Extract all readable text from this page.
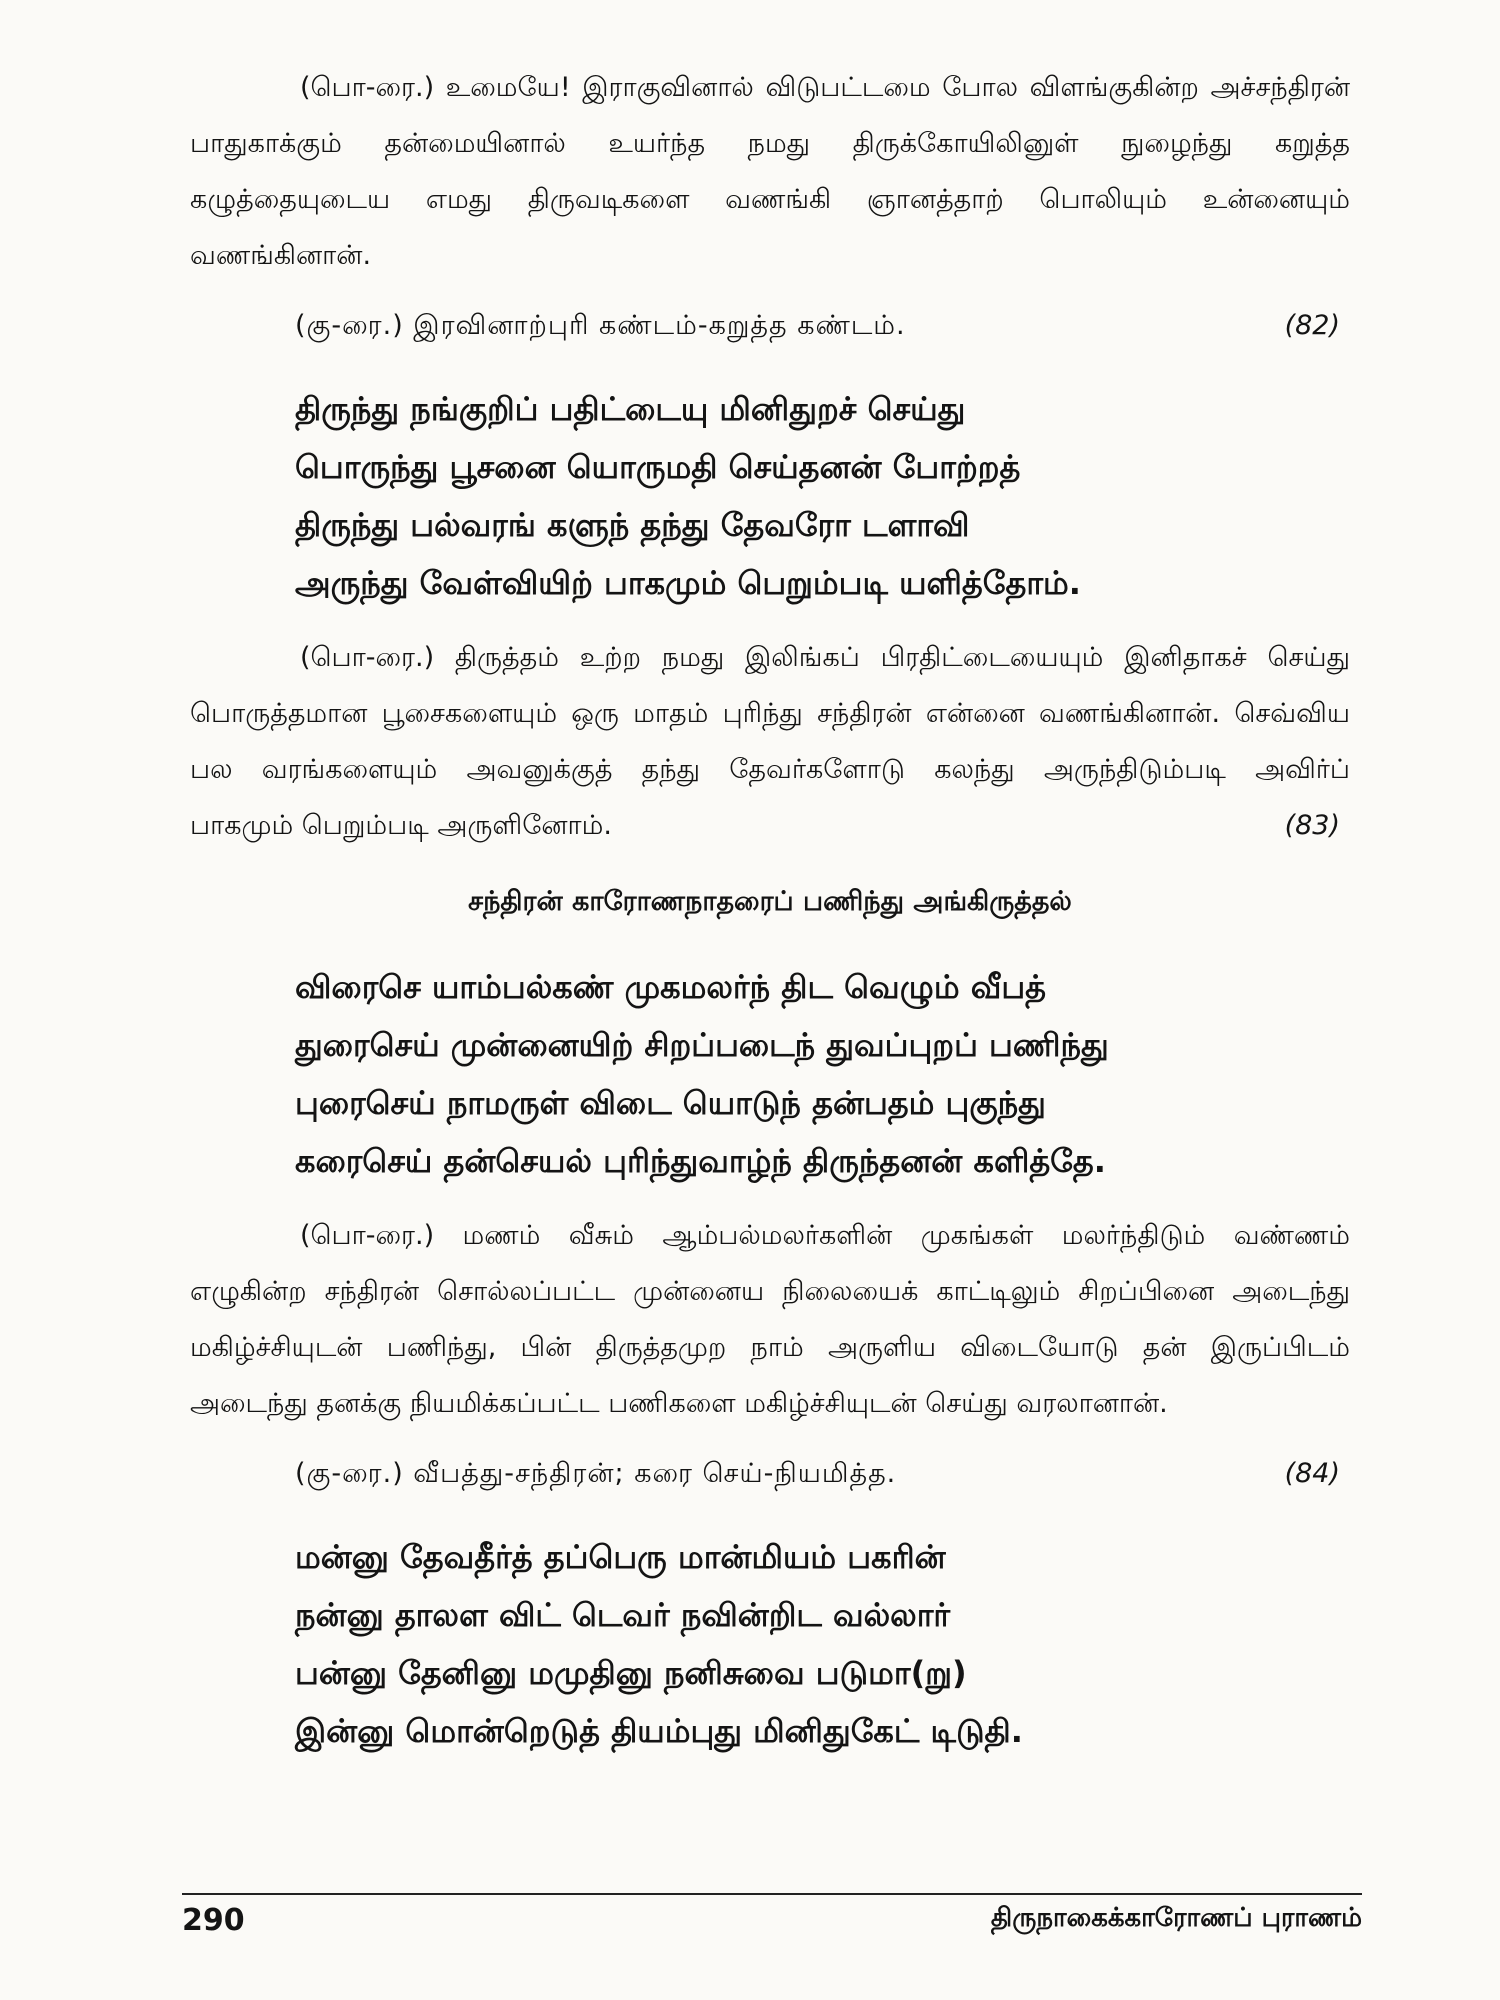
(பொ-ரை.) உமையே! இராகுவினால் விடுபட்டமை போல விளங்குகின்ற அச்சந்திரன் பாதுகாக்கும் தன்மையினால் உயர்ந்த நமது திருக்கோயிலினுள் நுழைந்து கறுத்த கழுத்தையுடைய எமது திருவடிகளை வணங்கி ஞானத்தாற் பொலியும் உன்னையும் வணங்கினான்.

(கு-ரை.) இரவினாற்புரி கண்டம்-கறுத்த கண்டம்.	(82)
திருந்து நங்குறிப் பதிட்டையு மினிதுறச் செய்து
பொருந்து பூசனை யொருமதி செய்தனன் போற்றத்
திருந்து பல்வரங் களுந் தந்து தேவரோ டளாவி
அருந்து வேள்வியிற் பாகமும் பெறும்படி யளித்தோம்.

(பொ-ரை.) திருத்தம் உற்ற நமது இலிங்கப் பிரதிட்டையையும் இனிதாகச் செய்து பொருத்தமான பூசைகளையும் ஒரு மாதம் புரிந்து சந்திரன் என்னை வணங்கினான். செவ்விய பல வரங்களையும் அவனுக்குத் தந்து தேவர்களோடு கலந்து அருந்திடும்படி அவிர்ப்

பாகமும் பெறும்படி அருளினோம்.	(83)
சந்திரன் காரோணநாதரைப் பணிந்து அங்கிருத்தல்
விரைசெ யாம்பல்கண் முகமலர்ந் திட வெழும் வீபத்
துரைசெய் முன்னையிற் சிறப்படைந் துவப்புறப் பணிந்து
புரைசெய் நாமருள் விடை யொடுந் தன்பதம் புகுந்து
கரைசெய் தன்செயல் புரிந்துவாழ்ந் திருந்தனன் களித்தே.

(பொ-ரை.) மணம் வீசும் ஆம்பல்மலர்களின் முகங்கள் மலர்ந்திடும் வண்ணம் எழுகின்ற சந்திரன் சொல்லப்பட்ட முன்னைய நிலையைக் காட்டிலும் சிறப்பினை அடைந்து மகிழ்ச்சியுடன் பணிந்து, பின் திருத்தமுற நாம் அருளிய விடையோடு தன் இருப்பிடம் அடைந்து தனக்கு நியமிக்கப்பட்ட பணிகளை மகிழ்ச்சியுடன் செய்து வரலானான்.

(கு-ரை.) வீபத்து-சந்திரன்; கரை செய்-நியமித்த.	(84)
மன்னு தேவதீர்த் தப்பெரு மான்மியம் பகரின்
நன்னு தாலள விட் டெவர் நவின்றிட வல்லார்
பன்னு தேனினு மமுதினு நனிசுவை படுமா(று)
இன்னு மொன்றெடுத் தியம்புது மினிதுகேட் டிடுதி.
290	திருநாகைக்காரோணப் புராணம்
